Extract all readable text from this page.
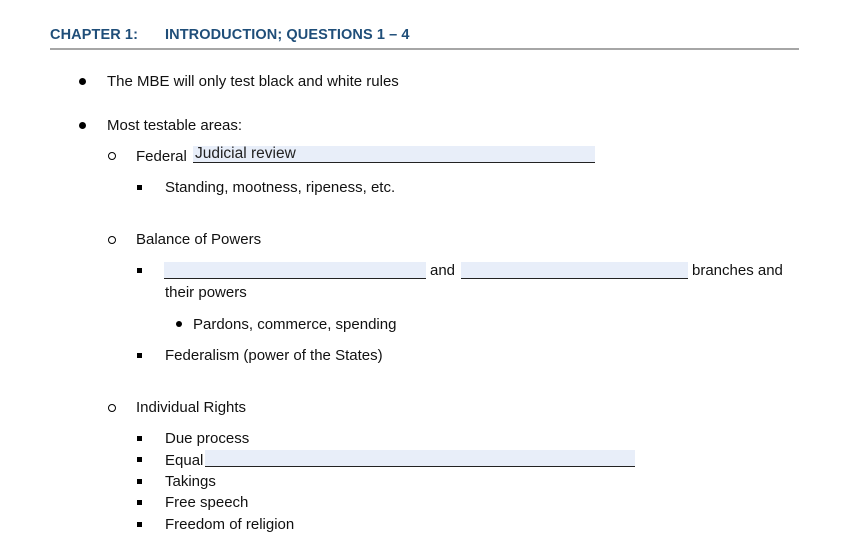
CHAPTER 1: INTRODUCTION; QUESTIONS 1 – 4
The MBE will only test black and white rules
Most testable areas:
Federal
Judicial review
Standing, mootness, ripeness, etc.
Balance of Powers
and	branches and
their powers
Pardons, commerce, spending
Federalism (power of the States)
Individual Rights
Due process
Equal
Takings
Free speech
Freedom of religion
